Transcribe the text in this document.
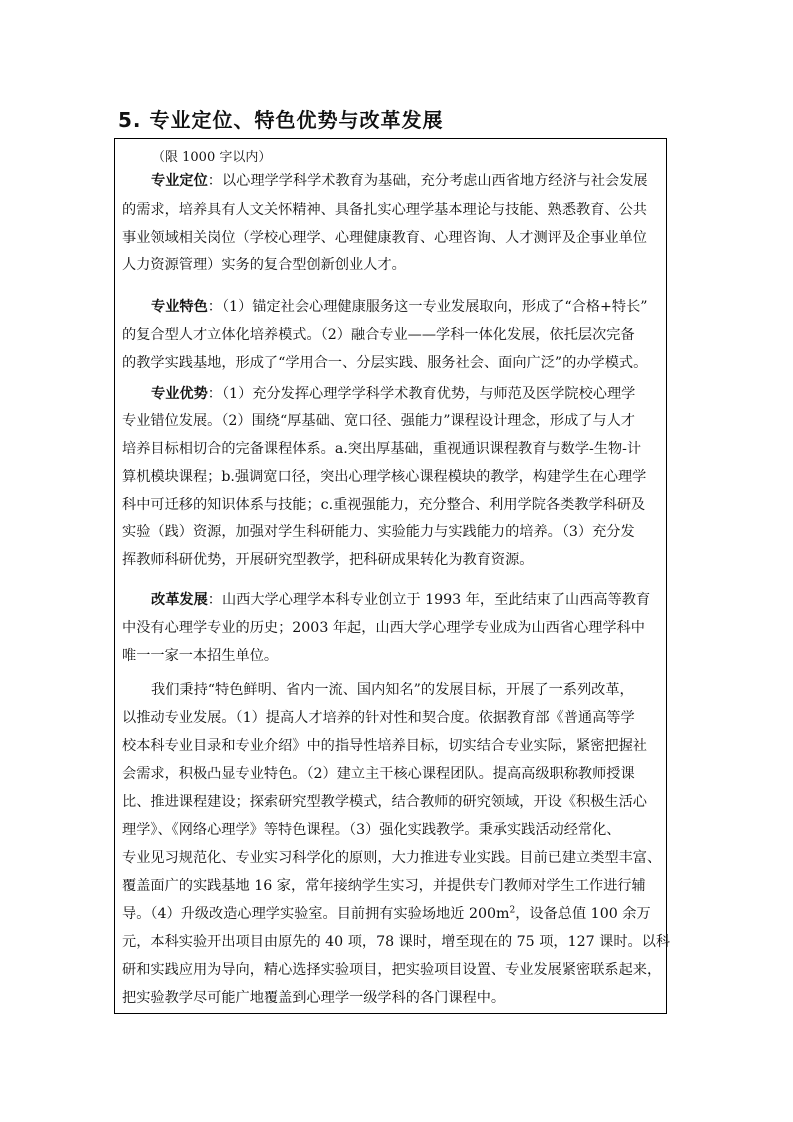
5. 专业定位、特色优势与改革发展
（限 1000 字以内）
专业定位：以心理学学科学术教育为基础，充分考虑山西省地方经济与社会发展
的需求，培养具有人文关怀精神、具备扎实心理学基本理论与技能、熟悉教育、公共
事业领域相关岗位（学校心理学、心理健康教育、心理咨询、人才测评及企事业单位
人力资源管理）实务的复合型创新创业人才。
专业特色：（1）锚定社会心理健康服务这一专业发展取向，形成了“合格+特长”
的复合型人才立体化培养模式。（2）融合专业——学科一体化发展，依托层次完备
的教学实践基地，形成了“学用合一、分层实践、服务社会、面向广泛”的办学模式。
专业优势：（1）充分发挥心理学学科学术教育优势，与师范及医学院校心理学
专业错位发展。（2）围绕“厚基础、宽口径、强能力”课程设计理念，形成了与人才
培养目标相切合的完备课程体系。a.突出厚基础，重视通识课程教育与数学-生物-计
算机模块课程；b.强调宽口径，突出心理学核心课程模块的教学，构建学生在心理学
科中可迁移的知识体系与技能；c.重视强能力，充分整合、利用学院各类教学科研及
实验（践）资源，加强对学生科研能力、实验能力与实践能力的培养。（3）充分发
挥教师科研优势，开展研究型教学，把科研成果转化为教育资源。
改革发展：山西大学心理学本科专业创立于 1993 年，至此结束了山西高等教育
中没有心理学专业的历史；2003 年起，山西大学心理学专业成为山西省心理学科中
唯一一家一本招生单位。
我们秉持“特色鲜明、省内一流、国内知名”的发展目标，开展了一系列改革，
以推动专业发展。（1）提高人才培养的针对性和契合度。依据教育部《普通高等学
校本科专业目录和专业介绍》中的指导性培养目标，切实结合专业实际，紧密把握社
会需求，积极凸显专业特色。（2）建立主干核心课程团队。提高高级职称教师授课
比、推进课程建设；探索研究型教学模式，结合教师的研究领域，开设《积极生活心
理学》、《网络心理学》等特色课程。（3）强化实践教学。秉承实践活动经常化、
专业见习规范化、专业实习科学化的原则，大力推进专业实践。目前已建立类型丰富、
覆盖面广的实践基地 16 家，常年接纳学生实习，并提供专门教师对学生工作进行辅
导。（4）升级改造心理学实验室。目前拥有实验场地近 $200m^2$，设备总值 100 余万
元，本科实验开出项目由原先的 40 项，78 课时，增至现在的 75 项，127 课时。以科
研和实践应用为导向，精心选择实验项目，把实验项目设置、专业发展紧密联系起来，
把实验教学尽可能广地覆盖到心理学一级学科的各门课程中。
